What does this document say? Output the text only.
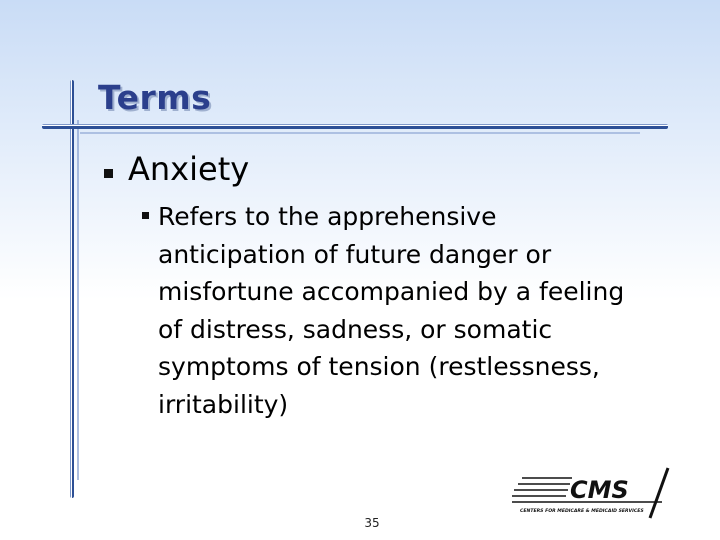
Terms
Anxiety
Refers to the apprehensive
anticipation of future danger or
misfortune accompanied by a feeling
of distress, sadness, or somatic
symptoms of tension (restlessness,
irritability)
CMS
CENTERS FOR MEDICARE & MEDICAID SERVICES
35
